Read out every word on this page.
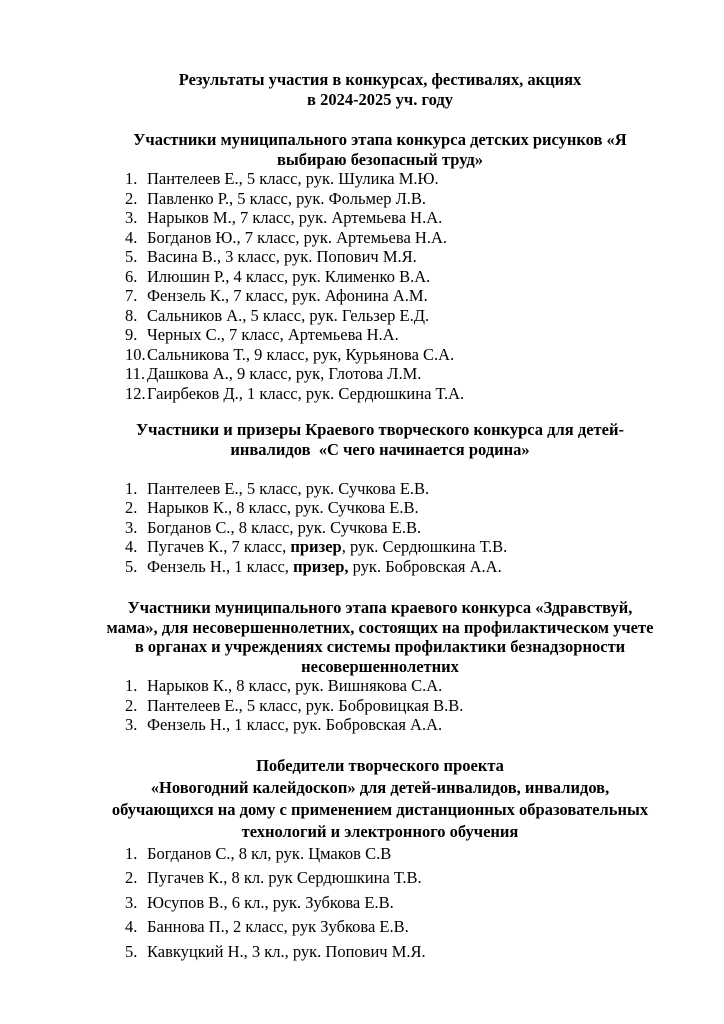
Результаты участия в конкурсах, фестивалях, акциях
в 2024-2025 уч. году
Участники муниципального этапа конкурса детских рисунков «Я
выбираю безопасный труд»
1. Пантелеев Е., 5 класс, рук. Шулика М.Ю.
2. Павленко Р., 5 класс, рук. Фольмер Л.В.
3. Нарыков М., 7 класс, рук. Артемьева Н.А.
4. Богданов Ю., 7 класс, рук. Артемьева Н.А.
5. Васина В., 3 класс, рук. Попович М.Я.
6. Илюшин Р., 4 класс, рук. Клименко В.А.
7. Фензель К., 7 класс, рук. Афонина А.М.
8. Сальников А., 5 класс, рук. Гельзер Е.Д.
9. Черных С., 7 класс, Артемьева Н.А.
10. Сальникова Т., 9 класс, рук, Курьянова С.А.
11. Дашкова А., 9 класс, рук, Глотова Л.М.
12. Гаирбеков Д., 1 класс, рук. Сердюшкина Т.А.
Участники и призеры Краевого творческого конкурса для детей-
инвалидов  «С чего начинается родина»
1. Пантелеев Е., 5 класс, рук. Сучкова Е.В.
2. Нарыков К., 8 класс, рук. Сучкова Е.В.
3. Богданов С., 8 класс, рук. Сучкова Е.В.
4. Пугачев К., 7 класс, призер, рук. Сердюшкина Т.В.
5. Фензель Н., 1 класс, призер, рук. Бобровская А.А.
Участники муниципального этапа краевого конкурса «Здравствуй,
мама», для несовершеннолетних, состоящих на профилактическом учете
в органах и учреждениях системы профилактики безнадзорности
несовершеннолетних
1. Нарыков К., 8 класс, рук. Вишнякова С.А.
2. Пантелеев Е., 5 класс, рук. Бобровицкая В.В.
3. Фензель Н., 1 класс, рук. Бобровская А.А.
Победители творческого проекта
«Новогодний калейдоскоп» для детей-инвалидов, инвалидов,
обучающихся на дому с применением дистанционных образовательных
технологий и электронного обучения
1. Богданов С., 8 кл, рук. Цмаков С.В
2. Пугачев К., 8 кл. рук Сердюшкина Т.В.
3. Юсупов В., 6 кл., рук. Зубкова Е.В.
4. Баннова П., 2 класс, рук Зубкова Е.В.
5. Кавкуцкий Н., 3 кл., рук. Попович М.Я.
